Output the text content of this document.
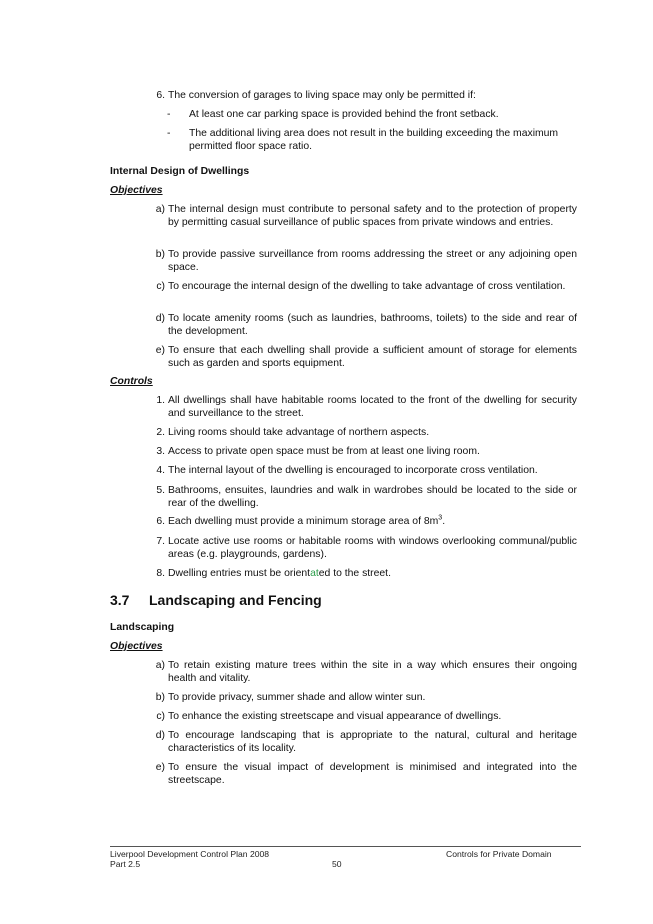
6. The conversion of garages to living space may only be permitted if:
- At least one car parking space is provided behind the front setback.
- The additional living area does not result in the building exceeding the maximum permitted floor space ratio.
Internal Design of Dwellings
Objectives
a) The internal design must contribute to personal safety and to the protection of property by permitting casual surveillance of public spaces from private windows and entries.
b) To provide passive surveillance from rooms addressing the street or any adjoining open space.
c) To encourage the internal design of the dwelling to take advantage of cross ventilation.
d) To locate amenity rooms (such as laundries, bathrooms, toilets) to the side and rear of the development.
e) To ensure that each dwelling shall provide a sufficient amount of storage for elements such as garden and sports equipment.
Controls
1. All dwellings shall have habitable rooms located to the front of the dwelling for security and surveillance to the street.
2. Living rooms should take advantage of northern aspects.
3. Access to private open space must be from at least one living room.
4. The internal layout of the dwelling is encouraged to incorporate cross ventilation.
5. Bathrooms, ensuites, laundries and walk in wardrobes should be located to the side or rear of the dwelling.
6. Each dwelling must provide a minimum storage area of $8m^3$.
7. Locate active use rooms or habitable rooms with windows overlooking communal/public areas (e.g. playgrounds, gardens).
8. Dwelling entries must be orientated to the street.
3.7 Landscaping and Fencing
Landscaping
Objectives
a) To retain existing mature trees within the site in a way which ensures their ongoing health and vitality.
b) To provide privacy, summer shade and allow winter sun.
c) To enhance the existing streetscape and visual appearance of dwellings.
d) To encourage landscaping that is appropriate to the natural, cultural and heritage characteristics of its locality.
e) To ensure the visual impact of development is minimised and integrated into the streetscape.
Liverpool Development Control Plan 2008
Part 2.5	50
Controls for Private Domain
